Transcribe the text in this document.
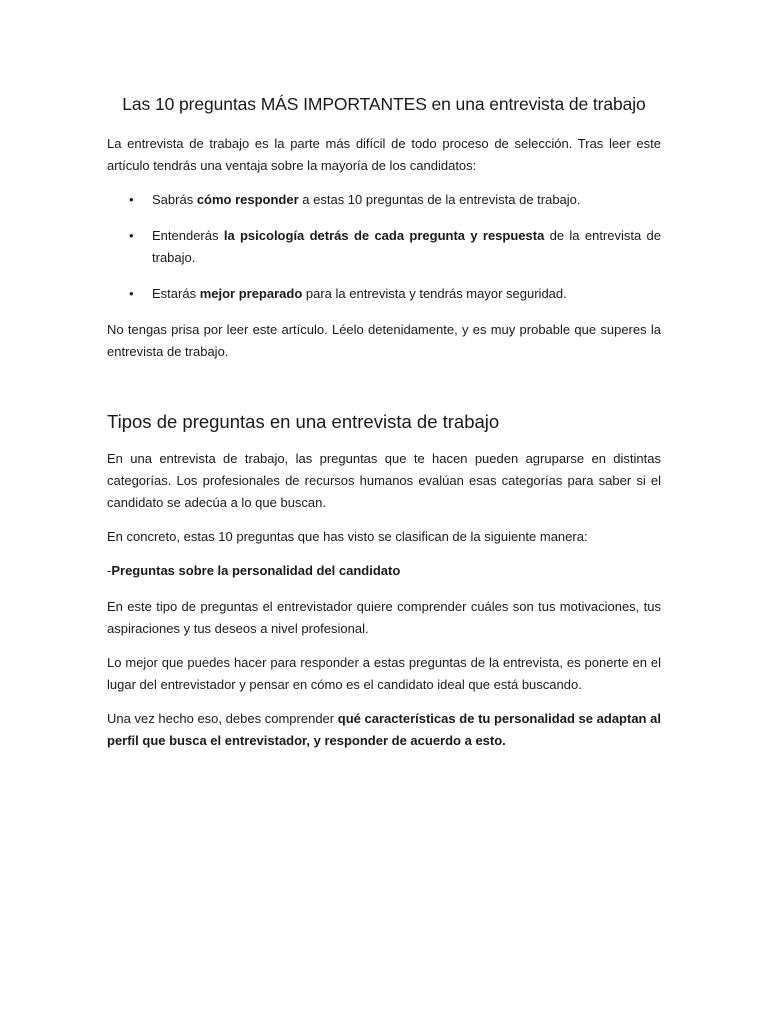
Las 10 preguntas MÁS IMPORTANTES en una entrevista de trabajo

La entrevista de trabajo es la parte más difícil de todo proceso de selección. Tras leer este artículo tendrás una ventaja sobre la mayoría de los candidatos:

• Sabrás cómo responder a estas 10 preguntas de la entrevista de trabajo.
• Entenderás la psicología detrás de cada pregunta y respuesta de la entrevista de trabajo.
• Estarás mejor preparado para la entrevista y tendrás mayor seguridad.

No tengas prisa por leer este artículo. Léelo detenidamente, y es muy probable que superes la entrevista de trabajo.

Tipos de preguntas en una entrevista de trabajo

En una entrevista de trabajo, las preguntas que te hacen pueden agruparse en distintas categorías. Los profesionales de recursos humanos evalúan esas categorías para saber si el candidato se adecúa a lo que buscan.

En concreto, estas 10 preguntas que has visto se clasifican de la siguiente manera:

-Preguntas sobre la personalidad del candidato

En este tipo de preguntas el entrevistador quiere comprender cuáles son tus motivaciones, tus aspiraciones y tus deseos a nivel profesional.

Lo mejor que puedes hacer para responder a estas preguntas de la entrevista, es ponerte en el lugar del entrevistador y pensar en cómo es el candidato ideal que está buscando.

Una vez hecho eso, debes comprender qué características de tu personalidad se adaptan al perfil que busca el entrevistador, y responder de acuerdo a esto.
